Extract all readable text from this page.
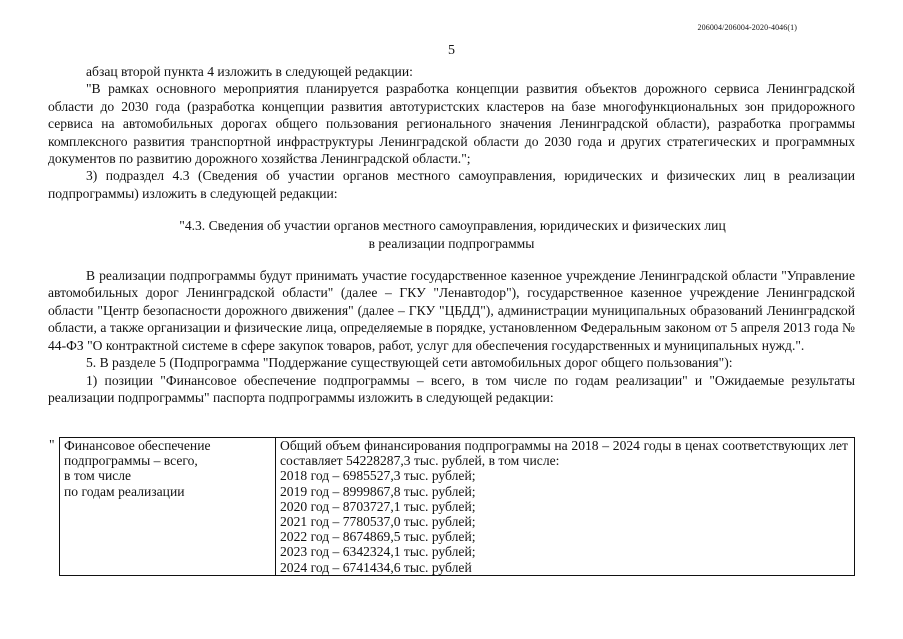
206004/206004-2020-4046(1)
5

абзац второй пункта 4 изложить в следующей редакции:

"В рамках основного мероприятия планируется разработка концепции развития объектов дорожного сервиса Ленинградской области до 2030 года (разработка концепции развития автотуристских кластеров на базе многофункциональных зон придорожного сервиса на автомобильных дорогах общего пользования регионального значения Ленинградской области), разработка программы комплексного развития транспортной инфраструктуры Ленинградской области до 2030 года и других стратегических и программных документов по развитию дорожного хозяйства Ленинградской области.";

3) подраздел 4.3 (Сведения об участии органов местного самоуправления, юридических и физических лиц в реализации подпрограммы) изложить в следующей редакции:

"4.3. Сведения об участии органов местного самоуправления, юридических и физических лиц
в реализации подпрограммы

В реализации подпрограммы будут принимать участие государственное казенное учреждение Ленинградской области "Управление автомобильных дорог Ленинградской области" (далее – ГКУ "Ленавтодор"), государственное казенное учреждение Ленинградской области "Центр безопасности дорожного движения" (далее – ГКУ "ЦБДД"), администрации муниципальных образований Ленинградской области, а также организации и физические лица, определяемые в порядке, установленном Федеральным законом от 5 апреля 2013 года № 44-ФЗ "О контрактной системе в сфере закупок товаров, работ, услуг для обеспечения государственных и муниципальных нужд.".

5. В разделе 5 (Подпрограмма "Поддержание существующей сети автомобильных дорог общего пользования"):

1) позиции "Финансовое обеспечение подпрограммы – всего, в том числе по годам реализации" и "Ожидаемые результаты реализации подпрограммы" паспорта подпрограммы изложить в следующей редакции:

" Финансовое обеспечение
подпрограммы – всего,
в том числе
по годам реализации

Общий объем финансирования подпрограммы на 2018 – 2024 годы в ценах соответствующих лет составляет 54228287,3 тыс. рублей, в том числе:
2018 год – 6985527,3 тыс. рублей;
2019 год – 8999867,8 тыс. рублей;
2020 год – 8703727,1 тыс. рублей;
2021 год – 7780537,0 тыс. рублей;
2022 год – 8674869,5 тыс. рублей;
2023 год – 6342324,1 тыс. рублей;
2024 год – 6741434,6 тыс. рублей
